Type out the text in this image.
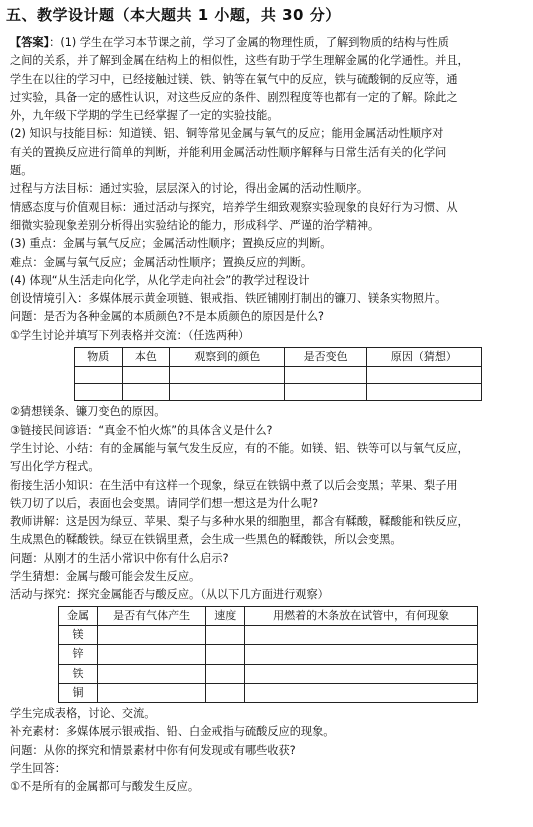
五、教学设计题（本大题共 1 小题，共 30 分）

【答案】：(1) 学生在学习本节课之前，学习了金属的物理性质，了解到物质的结构与性质

之间的关系，并了解到金属在结构上的相似性，这些有助于学生理解金属的化学通性。并且，

学生在以往的学习中，已经接触过镁、铁、钠等在氧气中的反应，铁与硫酸铜的反应等，通

过实验，具备一定的感性认识，对这些反应的条件、剧烈程度等也都有一定的了解。除此之

外，九年级下学期的学生已经掌握了一定的实验技能。

(2) 知识与技能目标：知道镁、铝、铜等常见金属与氧气的反应；能用金属活动性顺序对

有关的置换反应进行简单的判断，并能利用金属活动性顺序解释与日常生活有关的化学问

题。

过程与方法目标：通过实验，层层深入的讨论，得出金属的活动性顺序。

情感态度与价值观目标：通过活动与探究，培养学生细致观察实验现象的良好行为习惯、从

细微实验现象差别分析得出实验结论的能力，形成科学、严谨的治学精神。

(3) 重点：金属与氧气反应；金属活动性顺序；置换反应的判断。

难点：金属与氧气反应；金属活动性顺序；置换反应的判断。

(4) 体现“从生活走向化学，从化学走向社会”的教学过程设计

创设情境引入：多媒体展示黄金项链、银戒指、铁匠铺刚打制出的镰刀、镁条实物照片。

问题：是否为各种金属的本质颜色?不是本质颜色的原因是什么?

①学生讨论并填写下列表格并交流：（任选两种）

物质	本色	观察到的颜色	是否变色	原因（猜想）

②猜想镁条、镰刀变色的原因。

③链接民间谚语：“真金不怕火炼”的具体含义是什么?

学生讨论、小结：有的金属能与氧气发生反应，有的不能。如镁、铝、铁等可以与氧气反应，

写出化学方程式。

衔接生活小知识：在生活中有这样一个现象，绿豆在铁锅中煮了以后会变黑；苹果、梨子用

铁刀切了以后，表面也会变黑。请同学们想一想这是为什么呢?

教师讲解：这是因为绿豆、苹果、梨子与多种水果的细胞里，都含有鞣酸，鞣酸能和铁反应，

生成黑色的鞣酸铁。绿豆在铁锅里煮，会生成一些黑色的鞣酸铁，所以会变黑。

问题：从刚才的生活小常识中你有什么启示?

学生猜想：金属与酸可能会发生反应。

活动与探究：探究金属能否与酸反应。（从以下几方面进行观察）

金属	是否有气体产生	速度	用燃着的木条放在试管中，有何现象
镁			
锌			
铁			
铜			

学生完成表格，讨论、交流。

补充素材：多媒体展示银戒指、铅、白金戒指与硫酸反应的现象。

问题：从你的探究和情景素材中你有何发现或有哪些收获?

学生回答：

①不是所有的金属都可与酸发生反应。
